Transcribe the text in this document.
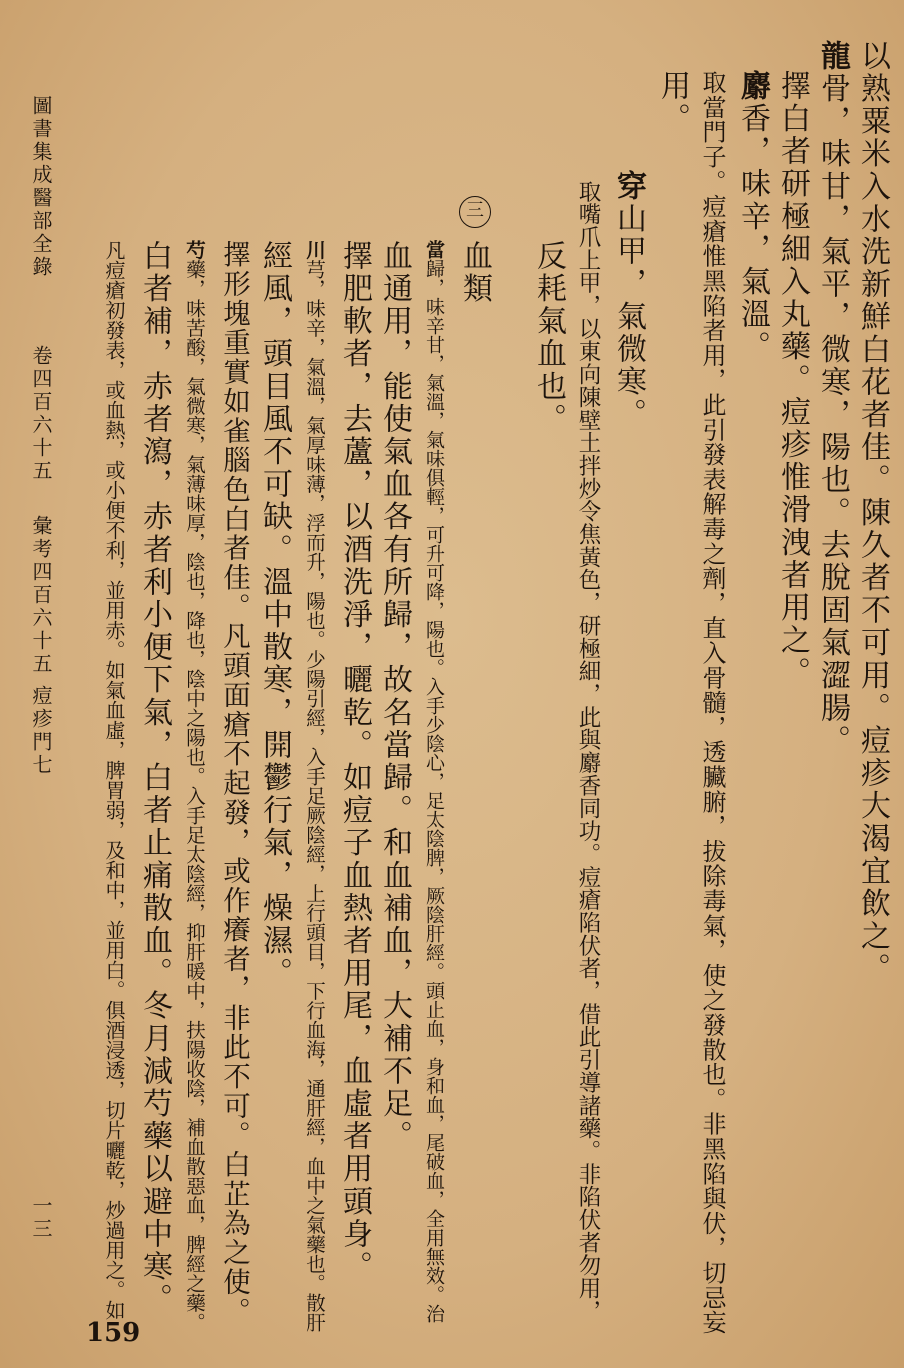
以熟粟米入水洗新鮮白花者佳。陳久者不可用。痘疹大渴宜飲之。
龍骨，味甘，氣平，微寒，陽也。去脫固氣澀腸。
擇白者研極細入丸藥。痘疹惟滑洩者用之。
麝香，味辛，氣溫。
取當門子。痘瘡惟黑陷者用，此引發表解毒之劑，直入骨髓，透臟腑，拔除毒氣，使之發散也。非黑陷與伏，切忌妄
用。
穿山甲，氣微寒。
取嘴爪上甲，以東向陳壁土拌炒令焦黃色，研極細，此與麝香同功。痘瘡陷伏者，借此引導諸藥。非陷伏者勿用，
反耗氣血也。
血類
當歸，味辛甘，氣溫，氣味俱輕，可升可降，陽也。入手少陰心，足太陰脾，厥陰肝經。頭止血，身和血，尾破血，全用無效。治
血通用，能使氣血各有所歸，故名當歸。和血補血，大補不足。
擇肥軟者，去蘆，以酒洗淨，曬乾。如痘子血熱者用尾，血虛者用頭身。
川芎，味辛，氣溫，氣厚味薄，浮而升，陽也。少陽引經，入手足厥陰經，上行頭目，下行血海，通肝經，血中之氣藥也。散肝
經風，頭目風不可缺。溫中散寒，開鬱行氣，燥濕。
擇形塊重實如雀腦色白者佳。凡頭面瘡不起發，或作癢者，非此不可。白芷為之使。
芍藥，味苦酸，氣微寒，氣薄味厚，陰也，降也，陰中之陽也。入手足太陰經，抑肝暖中，扶陽收陰，補血散惡血，脾經之藥。
白者補，赤者瀉，赤者利小便下氣，白者止痛散血。冬月減芍藥以避中寒。
凡痘瘡初發表，或血熱，或小便不利，並用赤。如氣血虛，脾胃弱，及和中，並用白。俱酒浸透，切片曬乾，炒過用之。如
三
圖書集成醫部全錄
卷四百六十五
彙考四百六十五
痘疹門七
一三
159
